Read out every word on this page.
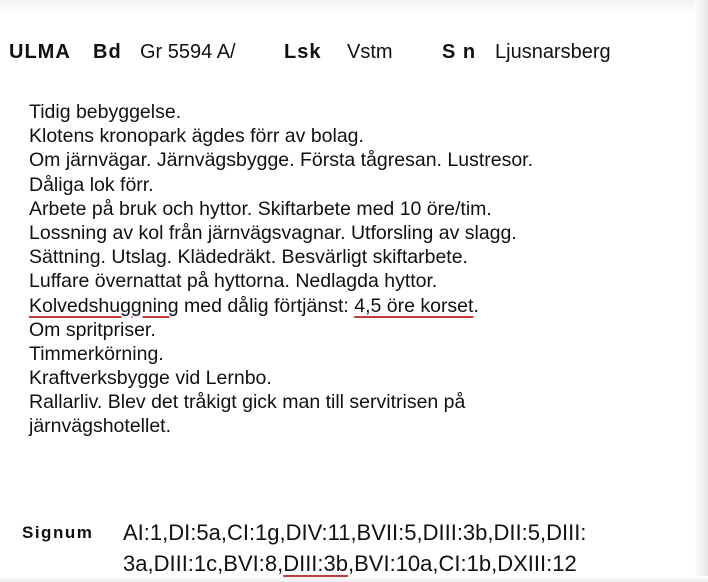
ULMA Bd Gr 5594 A/ Lsk Vstm S n Ljusnarsberg
Tidig bebyggelse.
Klotens kronopark ägdes förr av bolag.
Om järnvägar. Järnvägsbygge. Första tågresan. Lustresor.
Dåliga lok förr.
Arbete på bruk och hyttor. Skiftarbete med 10 öre/tim.
Lossning av kol från järnvägsvagnar. Utforsling av slagg.
Sättning. Utslag. Klädedräkt. Besvärligt skiftarbete.
Luffare övernattat på hyttorna. Nedlagda hyttor.
Kolvedshuggning med dålig förtjänst: 4,5 öre korset.
Om spritpriser.
Timmerkörning.
Kraftverksbygge vid Lernbo.
Rallarliv. Blev det tråkigt gick man till servitrisen på
järnvägshotellet.
Signum AI:1,DI:5a,CI:1g,DIV:11,BVII:5,DIII:3b,DII:5,DIII:
3a,DIII:1c,BVI:8,DIII:3b,BVI:10a,CI:1b,DXIII:12
